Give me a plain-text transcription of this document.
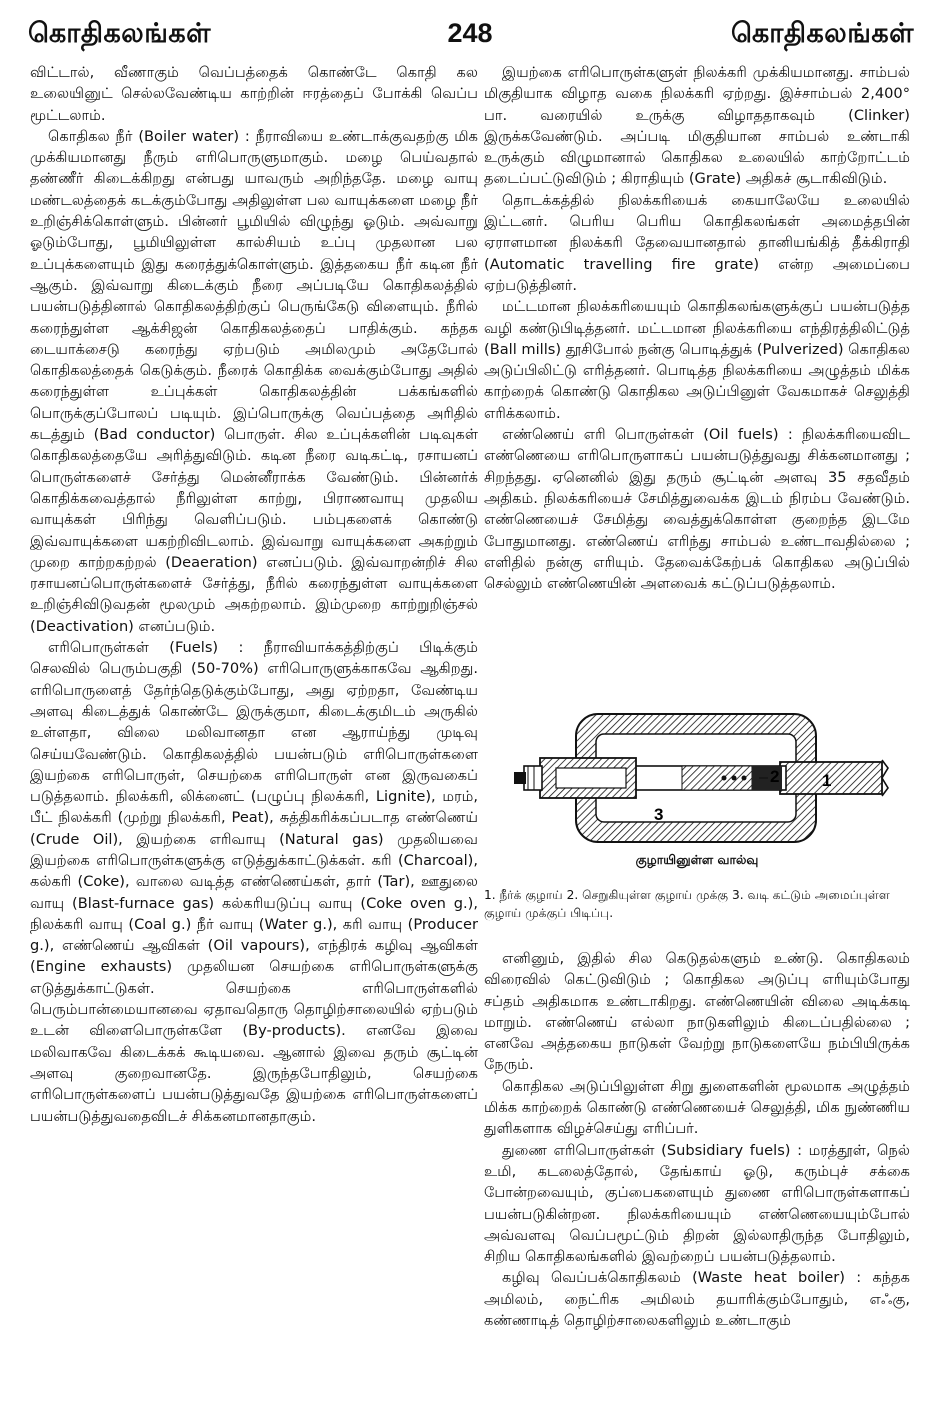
கொதிகலங்கள்	248	கொதிகலங்கள்

விட்டால், வீணாகும் வெப்பத்தைக் கொண்டே கொதி கல உலையினுட் செல்லவேண்டிய காற்றின் ஈரத்தைப் போக்கி வெப்ப மூட்டலாம்.

கொதிகல நீர் (Boiler water) : நீராவியை உண்டாக்குவதற்கு மிக முக்கியமானது நீரும் எரிபொருளுமாகும். மழை பெய்வதால் தண்ணீர் கிடைக்கிறது என்பது யாவரும் அறிந்ததே. மழை வாயு மண்டலத்தைக் கடக்கும்போது அதிலுள்ள பல வாயுக்களை மழை நீர் உறிஞ்சிக்கொள்ளும். பின்னர் பூமியில் விழுந்து ஓடும். அவ்வாறு ஓடும்போது, பூமியிலுள்ள கால்சியம் உப்பு முதலான பல உப்புக்களையும் இது கரைத்துக்கொள்ளும். இத்தகைய நீர் கடின நீர் ஆகும். இவ்வாறு கிடைக்கும் நீரை அப்படியே கொதிகலத்தில் பயன்படுத்தினால் கொதிகலத்திற்குப் பெருங்கேடு விளையும். நீரில் கரைந்துள்ள ஆக்சிஜன் கொதிகலத்தைப் பாதிக்கும். கந்தக டையாக்சைடு கரைந்து ஏற்படும் அமிலமும் அதேபோல் கொதிகலத்தைக் கெடுக்கும். நீரைக் கொதிக்க வைக்கும்போது அதில் கரைந்துள்ள உப்புக்கள் கொதிகலத்தின் பக்கங்களில் பொருக்குப்போலப் படியும். இப்பொருக்கு வெப்பத்தை அரிதில் கடத்தும் (Bad conductor) பொருள். சில உப்புக்களின் படிவுகள் கொதிகலத்தையே அரித்துவிடும். கடின நீரை வடிகட்டி, ரசாயனப் பொருள்களைச் சேர்த்து மென்னீராக்க வேண்டும். பின்னர்க் கொதிக்கவைத்தால் நீரிலுள்ள காற்று, பிராணவாயு முதலிய வாயுக்கள் பிரிந்து வெளிப்படும். பம்புகளைக் கொண்டு இவ்வாயுக்களை யகற்றிவிடலாம். இவ்வாறு வாயுக்களை அகற்றும் முறை காற்றகற்றல் (Deaeration) எனப்படும். இவ்வாறன்றிச் சில ரசாயனப்பொருள்களைச் சேர்த்து, நீரில் கரைந்துள்ள வாயுக்களை உறிஞ்சிவிடுவதன் மூலமும் அகற்றலாம். இம்முறை காற்றுறிஞ்சல் (Deactivation) எனப்படும்.

எரிபொருள்கள் (Fuels) : நீராவியாக்கத்திற்குப் பிடிக்கும் செலவில் பெரும்பகுதி (50-70%) எரிபொருளுக்காகவே ஆகிறது. எரிபொருளைத் தேர்ந்தெடுக்கும்போது, அது ஏற்றதா, வேண்டிய அளவு கிடைத்துக் கொண்டே இருக்குமா, கிடைக்குமிடம் அருகில் உள்ளதா, விலை மலிவானதா என ஆராய்ந்து முடிவு செய்யவேண்டும். கொதிகலத்தில் பயன்படும் எரிபொருள்களை இயற்கை எரிபொருள், செயற்கை எரிபொருள் என இருவகைப் படுத்தலாம். நிலக்கரி, லிக்னைட் (பழுப்பு நிலக்கரி, Lignite), மரம், பீட் நிலக்கரி (முற்று நிலக்கரி, Peat), சுத்திகரிக்கப்படாத எண்ணெய் (Crude Oil), இயற்கை எரிவாயு (Natural gas) முதலியவை இயற்கை எரிபொருள்களுக்கு எடுத்துக்காட்டுக்கள். கரி (Charcoal), கல்கரி (Coke), வாலை வடித்த எண்ணெய்கள், தார் (Tar), ஊதுலை வாயு (Blast-furnace gas) கல்கரியடுப்பு வாயு (Coke oven g.), நிலக்கரி வாயு (Coal g.) நீர் வாயு (Water g.), கரி வாயு (Producer g.), எண்ணெய் ஆவிகள் (Oil vapours), எந்திரக் கழிவு ஆவிகள் (Engine exhausts) முதலியன செயற்கை எரிபொருள்களுக்கு எடுத்துக்காட்டுகள். செயற்கை எரிபொருள்களில் பெரும்பான்மையானவை ஏதாவதொரு தொழிற்சாலையில் ஏற்படும் உடன் விளைபொருள்களே (By-products). எனவே இவை மலிவாகவே கிடைக்கக் கூடியவை. ஆனால் இவை தரும் சூட்டின் அளவு குறைவானதே. இருந்தபோதிலும், செயற்கை எரிபொருள்களைப் பயன்படுத்துவதே இயற்கை எரிபொருள்களைப் பயன்படுத்துவதைவிடச் சிக்கனமானதாகும்.

இயற்கை எரிபொருள்களுள் நிலக்கரி முக்கியமானது. சாம்பல் மிகுதியாக விழாத வகை நிலக்கரி ஏற்றது. இச்சாம்பல் 2,400° பா. வரையில் உருக்கு விழாததாகவும் (Clinker) இருக்கவேண்டும். அப்படி மிகுதியான சாம்பல் உண்டாகி உருக்கும் விழுமானால் கொதிகல உலையில் காற்றோட்டம் தடைப்பட்டுவிடும் ; கிராதியும் (Grate) அதிகச் சூடாகிவிடும்.

தொடக்கத்தில் நிலக்கரியைக் கையாலேயே உலையில் இட்டனர். பெரிய பெரிய கொதிகலங்கள் அமைத்தபின் ஏராளமான நிலக்கரி தேவையானதால் தானியங்கித் தீக்கிராதி (Automatic travelling fire grate) என்ற அமைப்பை ஏற்படுத்தினர்.

மட்டமான நிலக்கரியையும் கொதிகலங்களுக்குப் பயன்படுத்த வழி கண்டுபிடித்தனர். மட்டமான நிலக்கரியை எந்திரத்திலிட்டுத் (Ball mills) தூசிபோல் நன்கு பொடித்துக் (Pulverized) கொதிகல அடுப்பிலிட்டு எரித்தனர். பொடித்த நிலக்கரியை அழுத்தம் மிக்க காற்றைக் கொண்டு கொதிகல அடுப்பினுள் வேகமாகச் செலுத்தி எரிக்கலாம்.

எண்ணெய் எரி பொருள்கள் (Oil fuels) : நிலக்கரியைவிட எண்ணெயை எரிபொருளாகப் பயன்படுத்துவது சிக்கனமானது ; சிறந்தது. ஏனெனில் இது தரும் சூட்டின் அளவு 35 சதவீதம் அதிகம். நிலக்கரியைச் சேமித்துவைக்க இடம் நிரம்ப வேண்டும். எண்ணெயைச் சேமித்து வைத்துக்கொள்ள குறைந்த இடமே போதுமானது. எண்ணெய் எரிந்து சாம்பல் உண்டாவதில்லை ; எளிதில் நன்கு எரியும். தேவைக்கேற்பக் கொதிகல அடுப்பில் செல்லும் எண்ணெயின் அளவைக் கட்டுப்படுத்தலாம்.

1
2
3
குழாயினுள்ள வால்வு
1. நீர்க் குழாய் 2. செறுகியுள்ள குழாய் முக்கு 3. வடி கட்டும் அமைப்புள்ள குழாய் முக்குப் பிடிப்பு.

எனினும், இதில் சில கெடுதல்களும் உண்டு. கொதிகலம் விரைவில் கெட்டுவிடும் ; கொதிகல அடுப்பு எரியும்போது சப்தம் அதிகமாக உண்டாகிறது. எண்ணெயின் விலை அடிக்கடி மாறும். எண்ணெய் எல்லா நாடுகளிலும் கிடைப்பதில்லை ; எனவே அத்தகைய நாடுகள் வேற்று நாடுகளையே நம்பியிருக்க நேரும்.

கொதிகல அடுப்பிலுள்ள சிறு துளைகளின் மூலமாக அழுத்தம் மிக்க காற்றைக் கொண்டு எண்ணெயைச் செலுத்தி, மிக நுண்ணிய துளிகளாக விழச்செய்து எரிப்பர்.

துணை எரிபொருள்கள் (Subsidiary fuels) : மரத்தூள், நெல் உமி, கடலைத்தோல், தேங்காய் ஓடு, கரும்புச் சக்கை போன்றவையும், குப்பைகளையும் துணை எரிபொருள்களாகப் பயன்படுகின்றன. நிலக்கரியையும் எண்ணெயையும்போல் அவ்வளவு வெப்பமூட்டும் திறன் இல்லாதிருந்த போதிலும், சிறிய கொதிகலங்களில் இவற்றைப் பயன்படுத்தலாம்.

கழிவு வெப்பக்கொதிகலம் (Waste heat boiler) : கந்தக அமிலம், நைட்ரிக அமிலம் தயாரிக்கும்போதும், எஃகு, கண்ணாடித் தொழிற்சாலைகளிலும் உண்டாகும்
